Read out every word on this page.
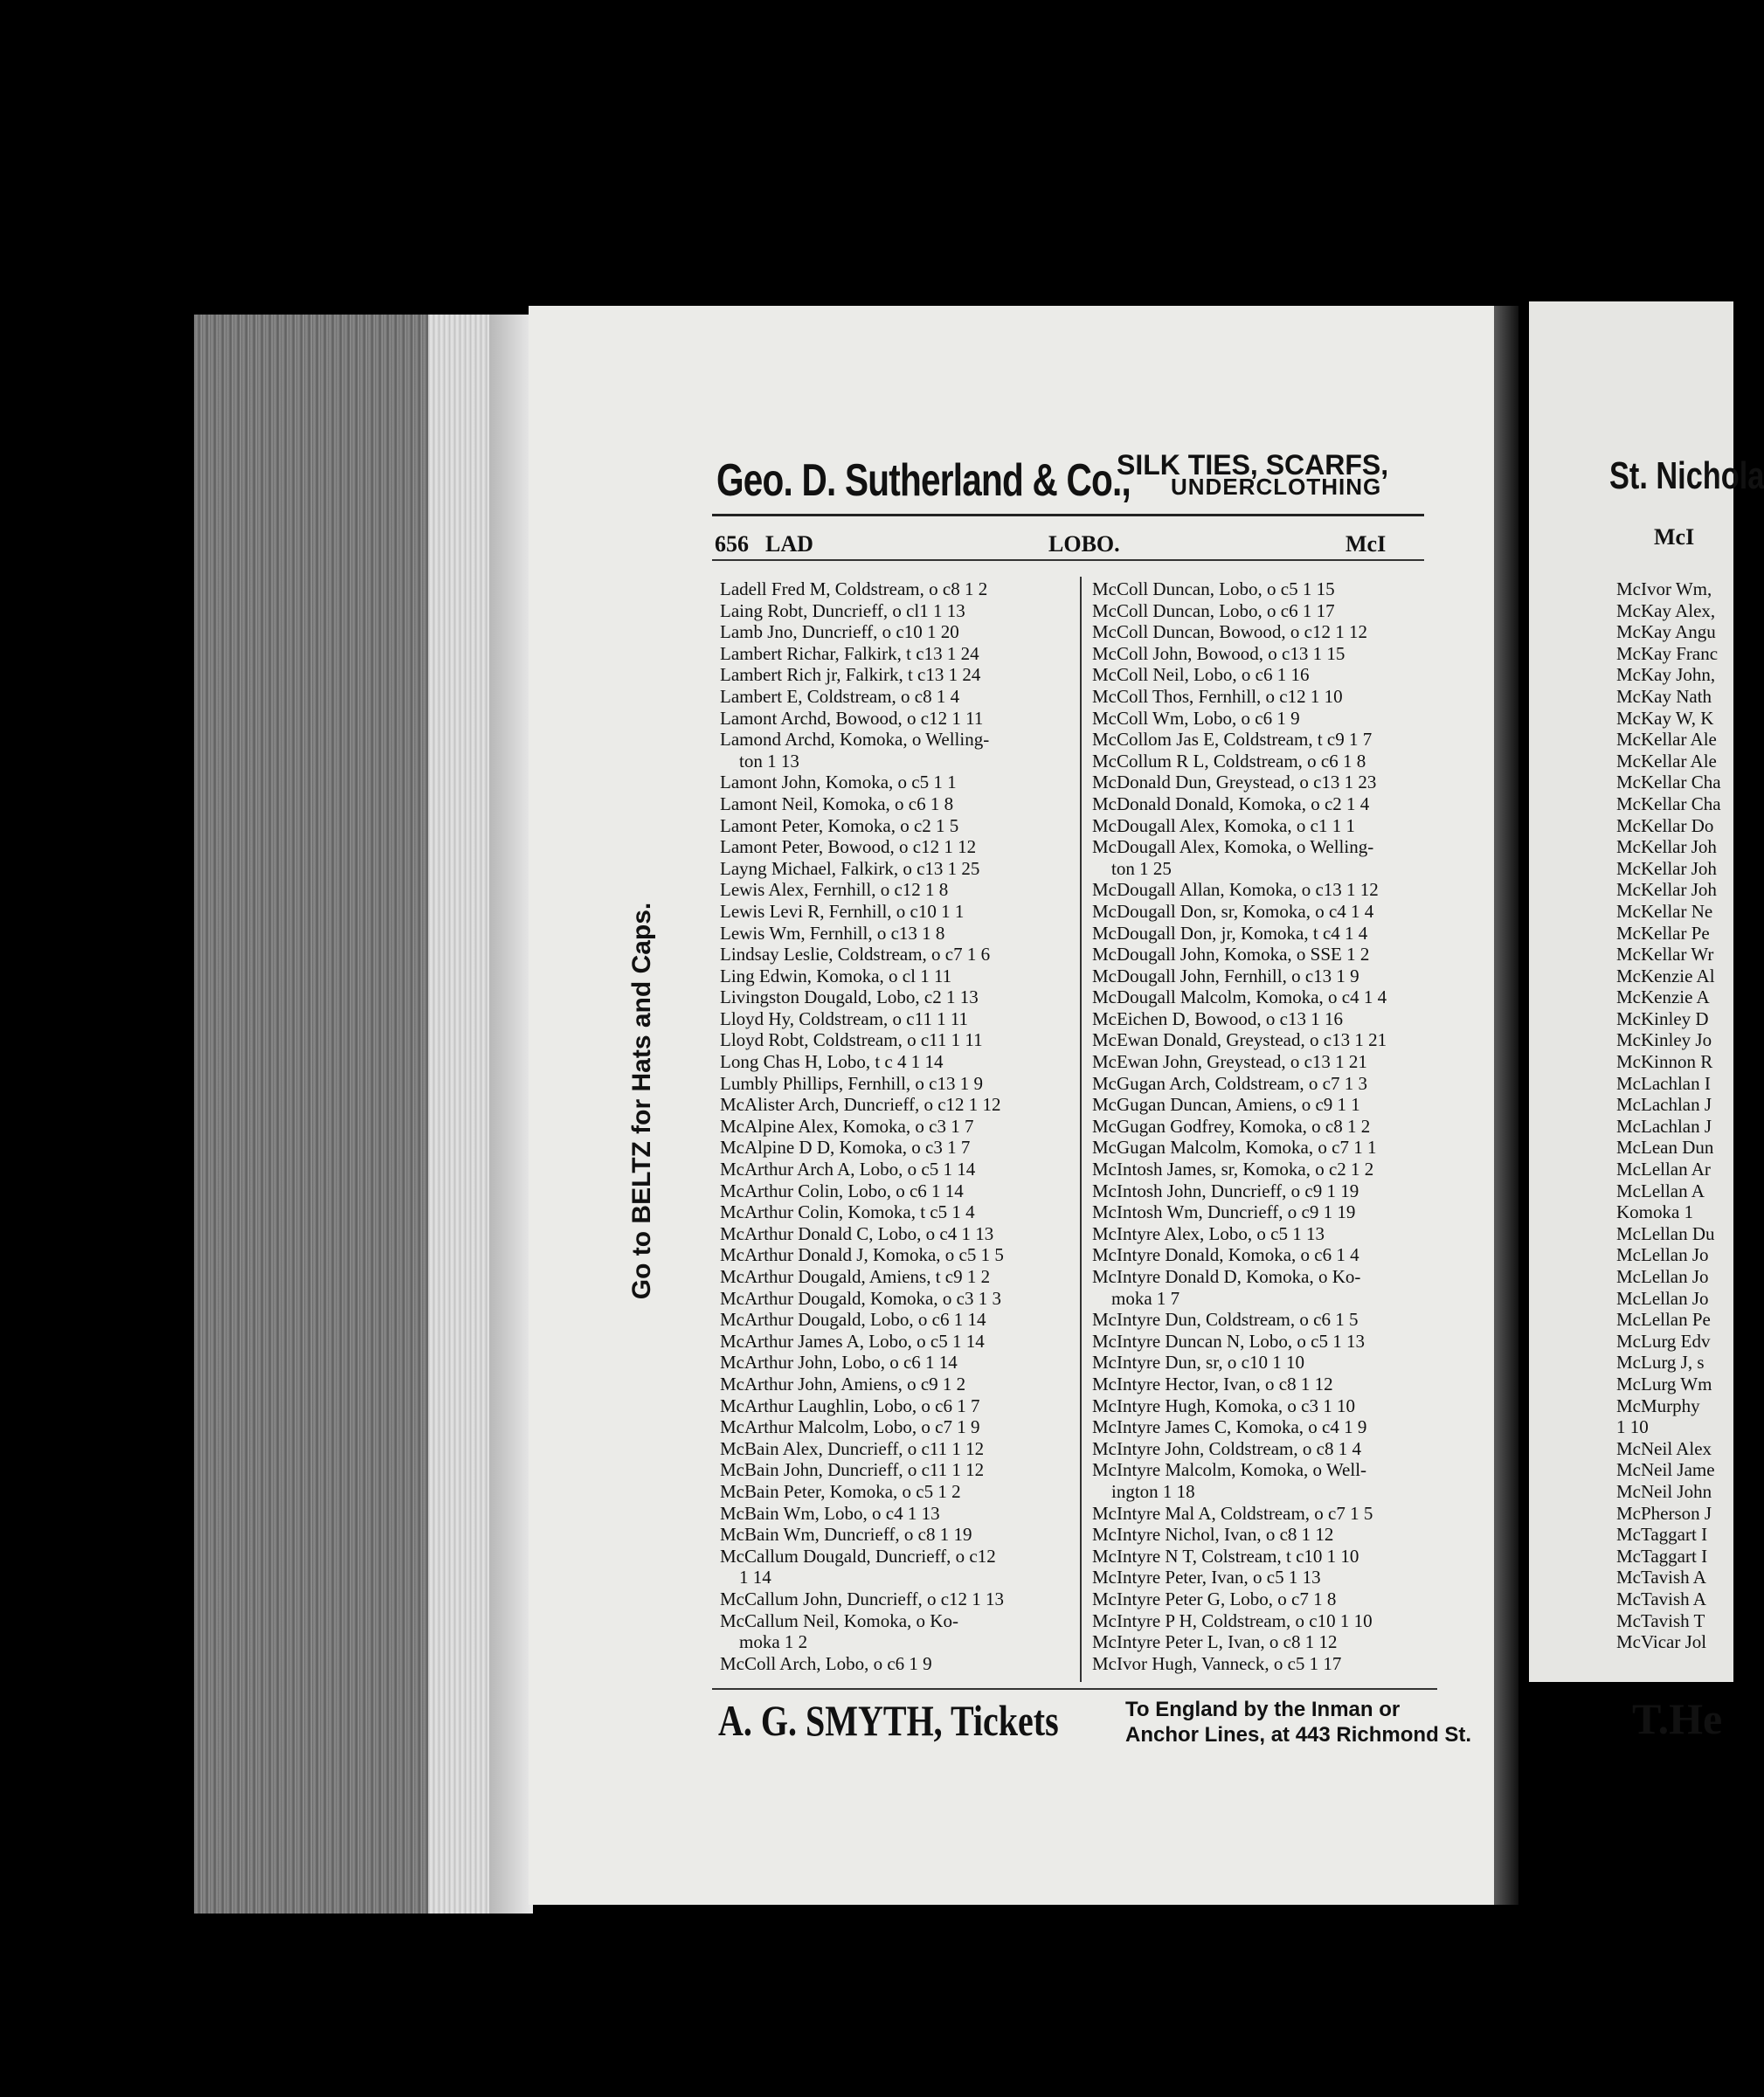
Geo. D. Sutherland & Co.,
SILK TIES, SCARFS,
UNDERCLOTHING
656 LAD	LOBO.	McI
Go to BELTZ for Hats and Caps.
Ladell Fred M, Coldstream, o c8 1 2
Laing Robt, Duncrieff, o cl1 1 13
Lamb Jno, Duncrieff, o c10 1 20
Lambert Richar, Falkirk, t c13 1 24
Lambert Rich jr, Falkirk, t c13 1 24
Lambert E, Coldstream, o c8 1 4
Lamont Archd, Bowood, o c12 1 11
Lamond Archd, Komoka, o Welling-
ton 1 13
Lamont John, Komoka, o c5 1 1
Lamont Neil, Komoka, o c6 1 8
Lamont Peter, Komoka, o c2 1 5
Lamont Peter, Bowood, o c12 1 12
Layng Michael, Falkirk, o c13 1 25
Lewis Alex, Fernhill, o c12 1 8
Lewis Levi R, Fernhill, o c10 1 1
Lewis Wm, Fernhill, o c13 1 8
Lindsay Leslie, Coldstream, o c7 1 6
Ling Edwin, Komoka, o cl 1 11
Livingston Dougald, Lobo, c2 1 13
Lloyd Hy, Coldstream, o c11 1 11
Lloyd Robt, Coldstream, o c11 1 11
Long Chas H, Lobo, t c 4 1 14
Lumbly Phillips, Fernhill, o c13 1 9
McAlister Arch, Duncrieff, o c12 1 12
McAlpine Alex, Komoka, o c3 1 7
McAlpine D D, Komoka, o c3 1 7
McArthur Arch A, Lobo, o c5 1 14
McArthur Colin, Lobo, o c6 1 14
McArthur Colin, Komoka, t c5 1 4
McArthur Donald C, Lobo, o c4 1 13
McArthur Donald J, Komoka, o c5 1 5
McArthur Dougald, Amiens, t c9 1 2
McArthur Dougald, Komoka, o c3 1 3
McArthur Dougald, Lobo, o c6 1 14
McArthur James A, Lobo, o c5 1 14
McArthur John, Lobo, o c6 1 14
McArthur John, Amiens, o c9 1 2
McArthur Laughlin, Lobo, o c6 1 7
McArthur Malcolm, Lobo, o c7 1 9
McBain Alex, Duncrieff, o c11 1 12
McBain John, Duncrieff, o c11 1 12
McBain Peter, Komoka, o c5 1 2
McBain Wm, Lobo, o c4 1 13
McBain Wm, Duncrieff, o c8 1 19
McCallum Dougald, Duncrieff, o c12
1 14
McCallum John, Duncrieff, o c12 1 13
McCallum Neil, Komoka, o Ko-
moka 1 2
McColl Arch, Lobo, o c6 1 9
McColl Duncan, Lobo, o c5 1 15
McColl Duncan, Lobo, o c6 1 17
McColl Duncan, Bowood, o c12 1 12
McColl John, Bowood, o c13 1 15
McColl Neil, Lobo, o c6 1 16
McColl Thos, Fernhill, o c12 1 10
McColl Wm, Lobo, o c6 1 9
McCollom Jas E, Coldstream, t c9 1 7
McCollum R L, Coldstream, o c6 1 8
McDonald Dun, Greystead, o c13 1 23
McDonald Donald, Komoka, o c2 1 4
McDougall Alex, Komoka, o c1 1 1
McDougall Alex, Komoka, o Welling-
ton 1 25
McDougall Allan, Komoka, o c13 1 12
McDougall Don, sr, Komoka, o c4 1 4
McDougall Don, jr, Komoka, t c4 1 4
McDougall John, Komoka, o SSE 1 2
McDougall John, Fernhill, o c13 1 9
McDougall Malcolm, Komoka, o c4 1 4
McEichen D, Bowood, o c13 1 16
McEwan Donald, Greystead, o c13 1 21
McEwan John, Greystead, o c13 1 21
McGugan Arch, Coldstream, o c7 1 3
McGugan Duncan, Amiens, o c9 1 1
McGugan Godfrey, Komoka, o c8 1 2
McGugan Malcolm, Komoka, o c7 1 1
McIntosh James, sr, Komoka, o c2 1 2
McIntosh John, Duncrieff, o c9 1 19
McIntosh Wm, Duncrieff, o c9 1 19
McIntyre Alex, Lobo, o c5 1 13
McIntyre Donald, Komoka, o c6 1 4
McIntyre Donald D, Komoka, o Ko-
moka 1 7
McIntyre Dun, Coldstream, o c6 1 5
McIntyre Duncan N, Lobo, o c5 1 13
McIntyre Dun, sr, o c10 1 10
McIntyre Hector, Ivan, o c8 1 12
McIntyre Hugh, Komoka, o c3 1 10
McIntyre James C, Komoka, o c4 1 9
McIntyre John, Coldstream, o c8 1 4
McIntyre Malcolm, Komoka, o Well-
ington 1 18
McIntyre Mal A, Coldstream, o c7 1 5
McIntyre Nichol, Ivan, o c8 1 12
McIntyre N T, Colstream, t c10 1 10
McIntyre Peter, Ivan, o c5 1 13
McIntyre Peter G, Lobo, o c7 1 8
McIntyre P H, Coldstream, o c10 1 10
McIntyre Peter L, Ivan, o c8 1 12
McIvor Hugh, Vanneck, o c5 1 17
A. G. SMYTH, Tickets	To England by the Inman or
Anchor Lines, at 443 Richmond St.
St. Nichola
McI
McIvor Wm,
McKay Alex,
McKay Angu
McKay Franc
McKay John,
McKay Nath
McKay W, K
McKellar Ale
McKellar Ale
McKellar Cha
McKellar Cha
McKellar Do
McKellar Joh
McKellar Joh
McKellar Joh
McKellar Ne
McKellar Pe
McKellar Wr
McKenzie Al
McKenzie A
McKinley D
McKinley Jo
McKinnon R
McLachlan I
McLachlan J
McLachlan J
McLean Dun
McLellan Ar
McLellan A
Komoka 1
McLellan Du
McLellan Jo
McLellan Jo
McLellan Jo
McLellan Pe
McLurg Edv
McLurg J, s
McLurg Wm
McMurphy
1 10
McNeil Alex
McNeil Jame
McNeil John
McPherson J
McTaggart I
McTaggart I
McTavish A
McTavish A
McTavish T
McVicar Jol
T.He
